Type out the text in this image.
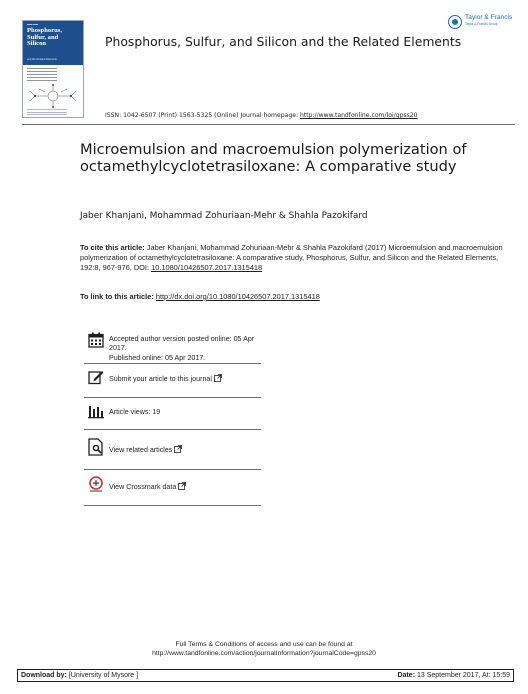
▬▬ ▬▬
Phosphorus,
Sulfur, and
Silicon
and the Related Elements
Phosphorus, Sulfur, and Silicon and the Related Elements
Taylor & Francis
Taylor & Francis Group
ISSN: 1042-6507 (Print) 1563-5325 (Online) Journal homepage: http://www.tandfonline.com/loi/gpss20
Microemulsion and macroemulsion polymerization of octamethylcyclotetrasiloxane: A comparative study
Jaber Khanjani, Mohammad Zohuriaan-Mehr & Shahla Pazokifard
To cite this article: Jaber Khanjani, Mohammad Zohuriaan-Mehr & Shahla Pazokifard (2017) Microemulsion and macroemulsion polymerization of octamethylcyclotetrasiloxane: A comparative study, Phosphorus, Sulfur, and Silicon and the Related Elements, 192:8, 967-976, DOI: 10.1080/10426507.2017.1315418
To link to this article: http://dx.doi.org/10.1080/10426507.2017.1315418
Accepted author version posted online: 05 Apr 2017.
Published online: 05 Apr 2017.
Submit your article to this journal
Article views: 19
View related articles
View Crossmark data
Full Terms & Conditions of access and use can be found at
http://www.tandfonline.com/action/journalInformation?journalCode=gpss20
Download by: [University of Mysore ]	Date: 13 September 2017, At: 15:59
